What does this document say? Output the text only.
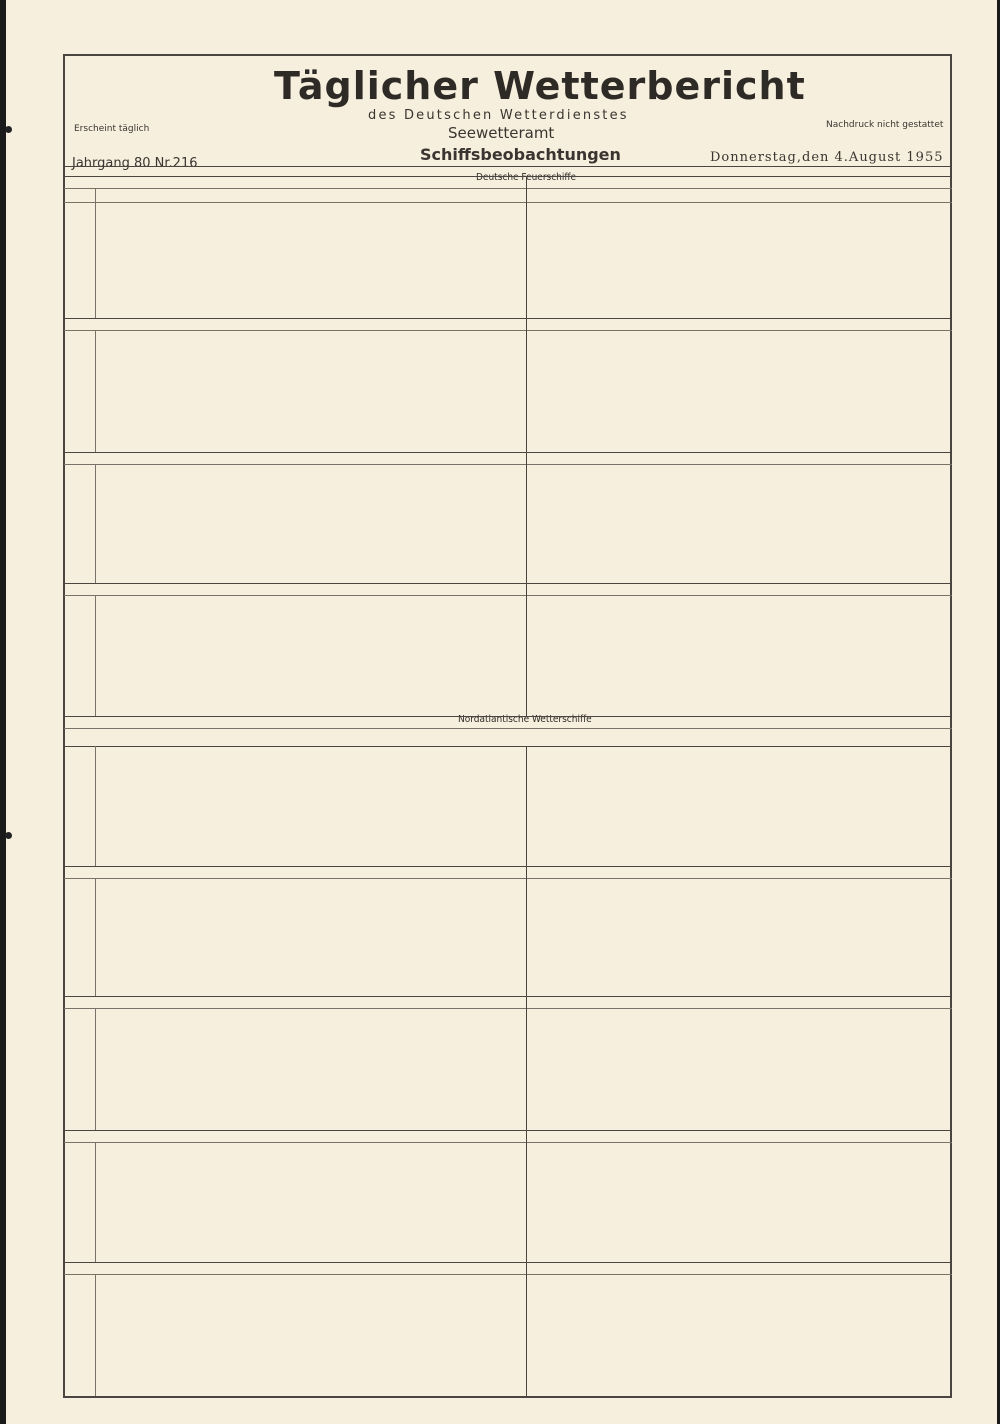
Täglicher Wetterbericht
des Deutschen Wetterdienstes
Seewetteramt
Schiffsbeobachtungen
Erscheint täglich	Nachdruck nicht gestattet
Jahrgang 80 Nr.216	Donnerstag,den 4.August 1955
Deutsche Feuerschiffe
Nordatlantische Wetterschiffe
